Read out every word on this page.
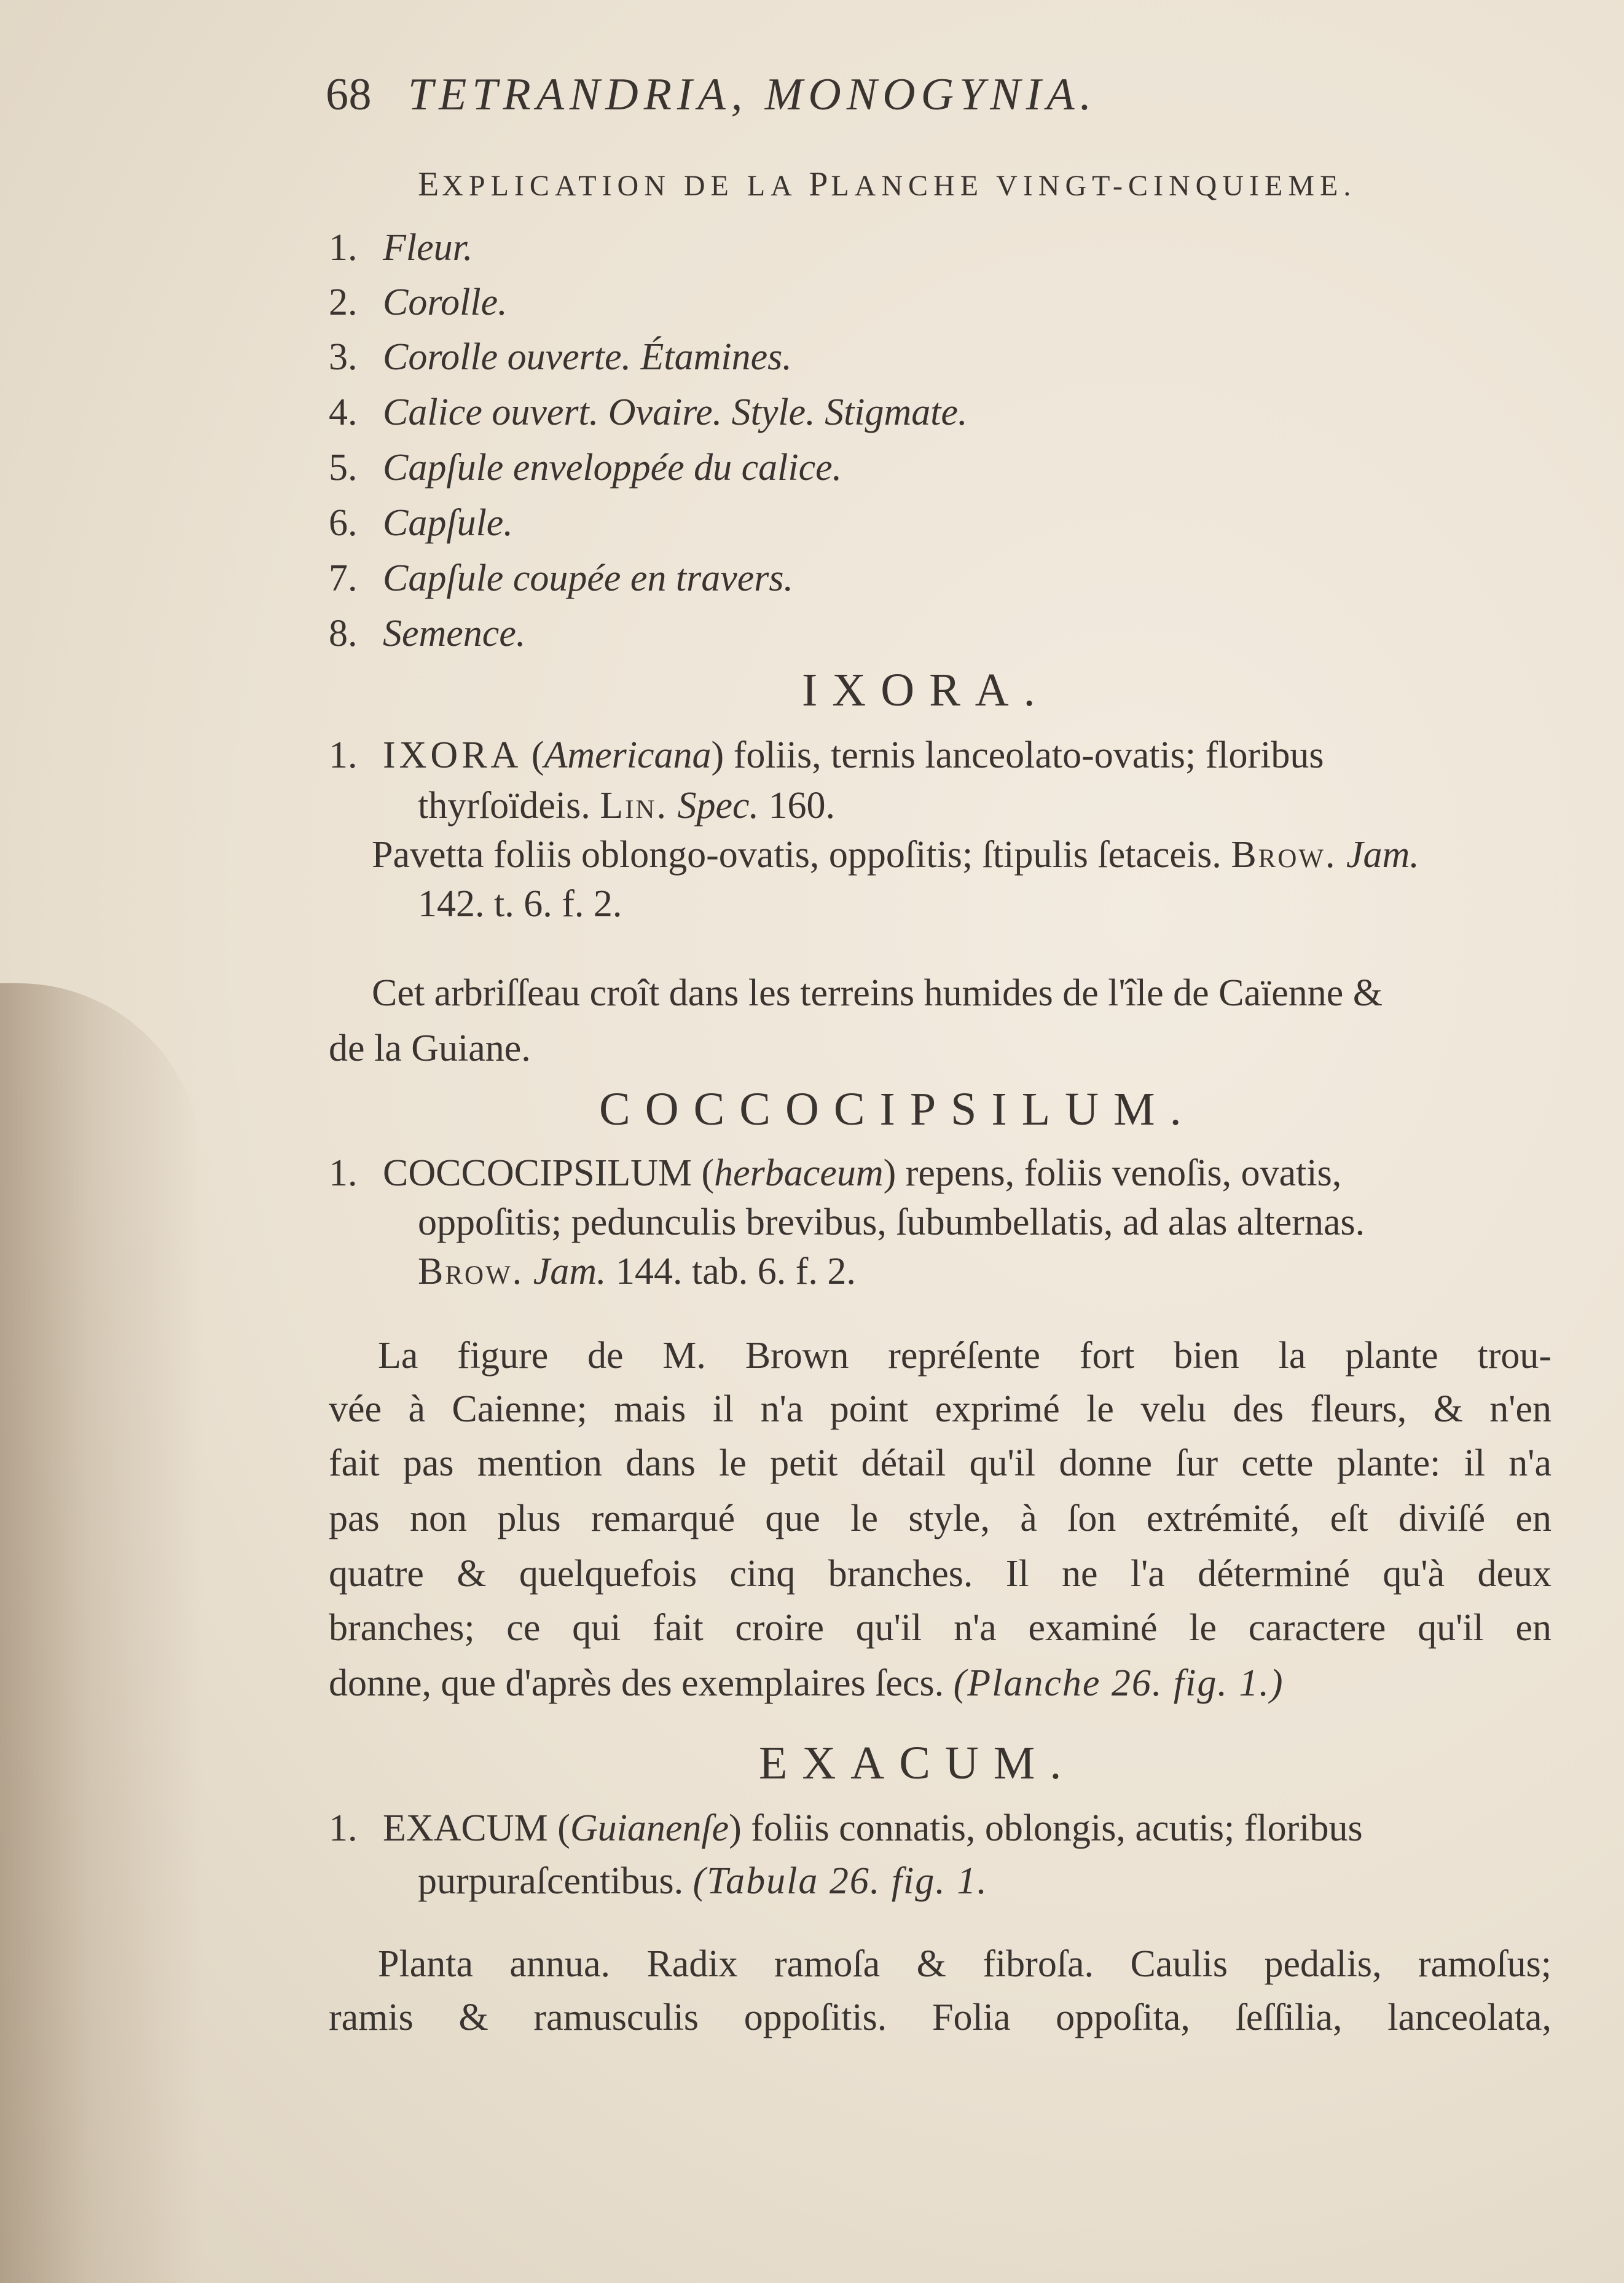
68 TETRANDRIA, MONOGYNIA.
EXPLICATION DE LA PLANCHE VINGT-CINQUIEME.
1. Fleur.
2. Corolle.
3. Corolle ouverte. Étamines.
4. Calice ouvert. Ovaire. Style. Stigmate.
5. Capſule enveloppée du calice.
6. Capſule.
7. Capſule coupée en travers.
8. Semence.
IXORA.
1. IXORA (Americana) foliis, ternis lanceolato-ovatis; floribus
thyrſoïdeis. Lin. Spec. 160.
Pavetta foliis oblongo-ovatis, oppoſitis; ſtipulis ſetaceis. Brow. Jam.
142. t. 6. f. 2.
Cet arbriſſeau croît dans les terreins humides de l'île de Caïenne &
de la Guiane.
COCCOCIPSILUM.
1. COCCOCIPSILUM (herbaceum) repens, foliis venoſis, ovatis,
oppoſitis; pedunculis brevibus, ſubumbellatis, ad alas alternas.
Brow. Jam. 144. tab. 6. f. 2.
La figure de M. Brown repréſente fort bien la plante trou-
vée à Caienne; mais il n'a point exprimé le velu des fleurs, & n'en
fait pas mention dans le petit détail qu'il donne ſur cette plante: il n'a
pas non plus remarqué que le style, à ſon extrémité, eſt diviſé en
quatre & quelquefois cinq branches. Il ne l'a déterminé qu'à deux
branches; ce qui fait croire qu'il n'a examiné le caractere qu'il en
donne, que d'après des exemplaires ſecs. (Planche 26. fig. 1.)
EXACUM.
1. EXACUM (Guianenſe) foliis connatis, oblongis, acutis; floribus
purpuraſcentibus. (Tabula 26. fig. 1.
Planta annua. Radix ramoſa & fibroſa. Caulis pedalis, ramoſus;
ramis & ramusculis oppoſitis. Folia oppoſita, ſeſſilia, lanceolata,
